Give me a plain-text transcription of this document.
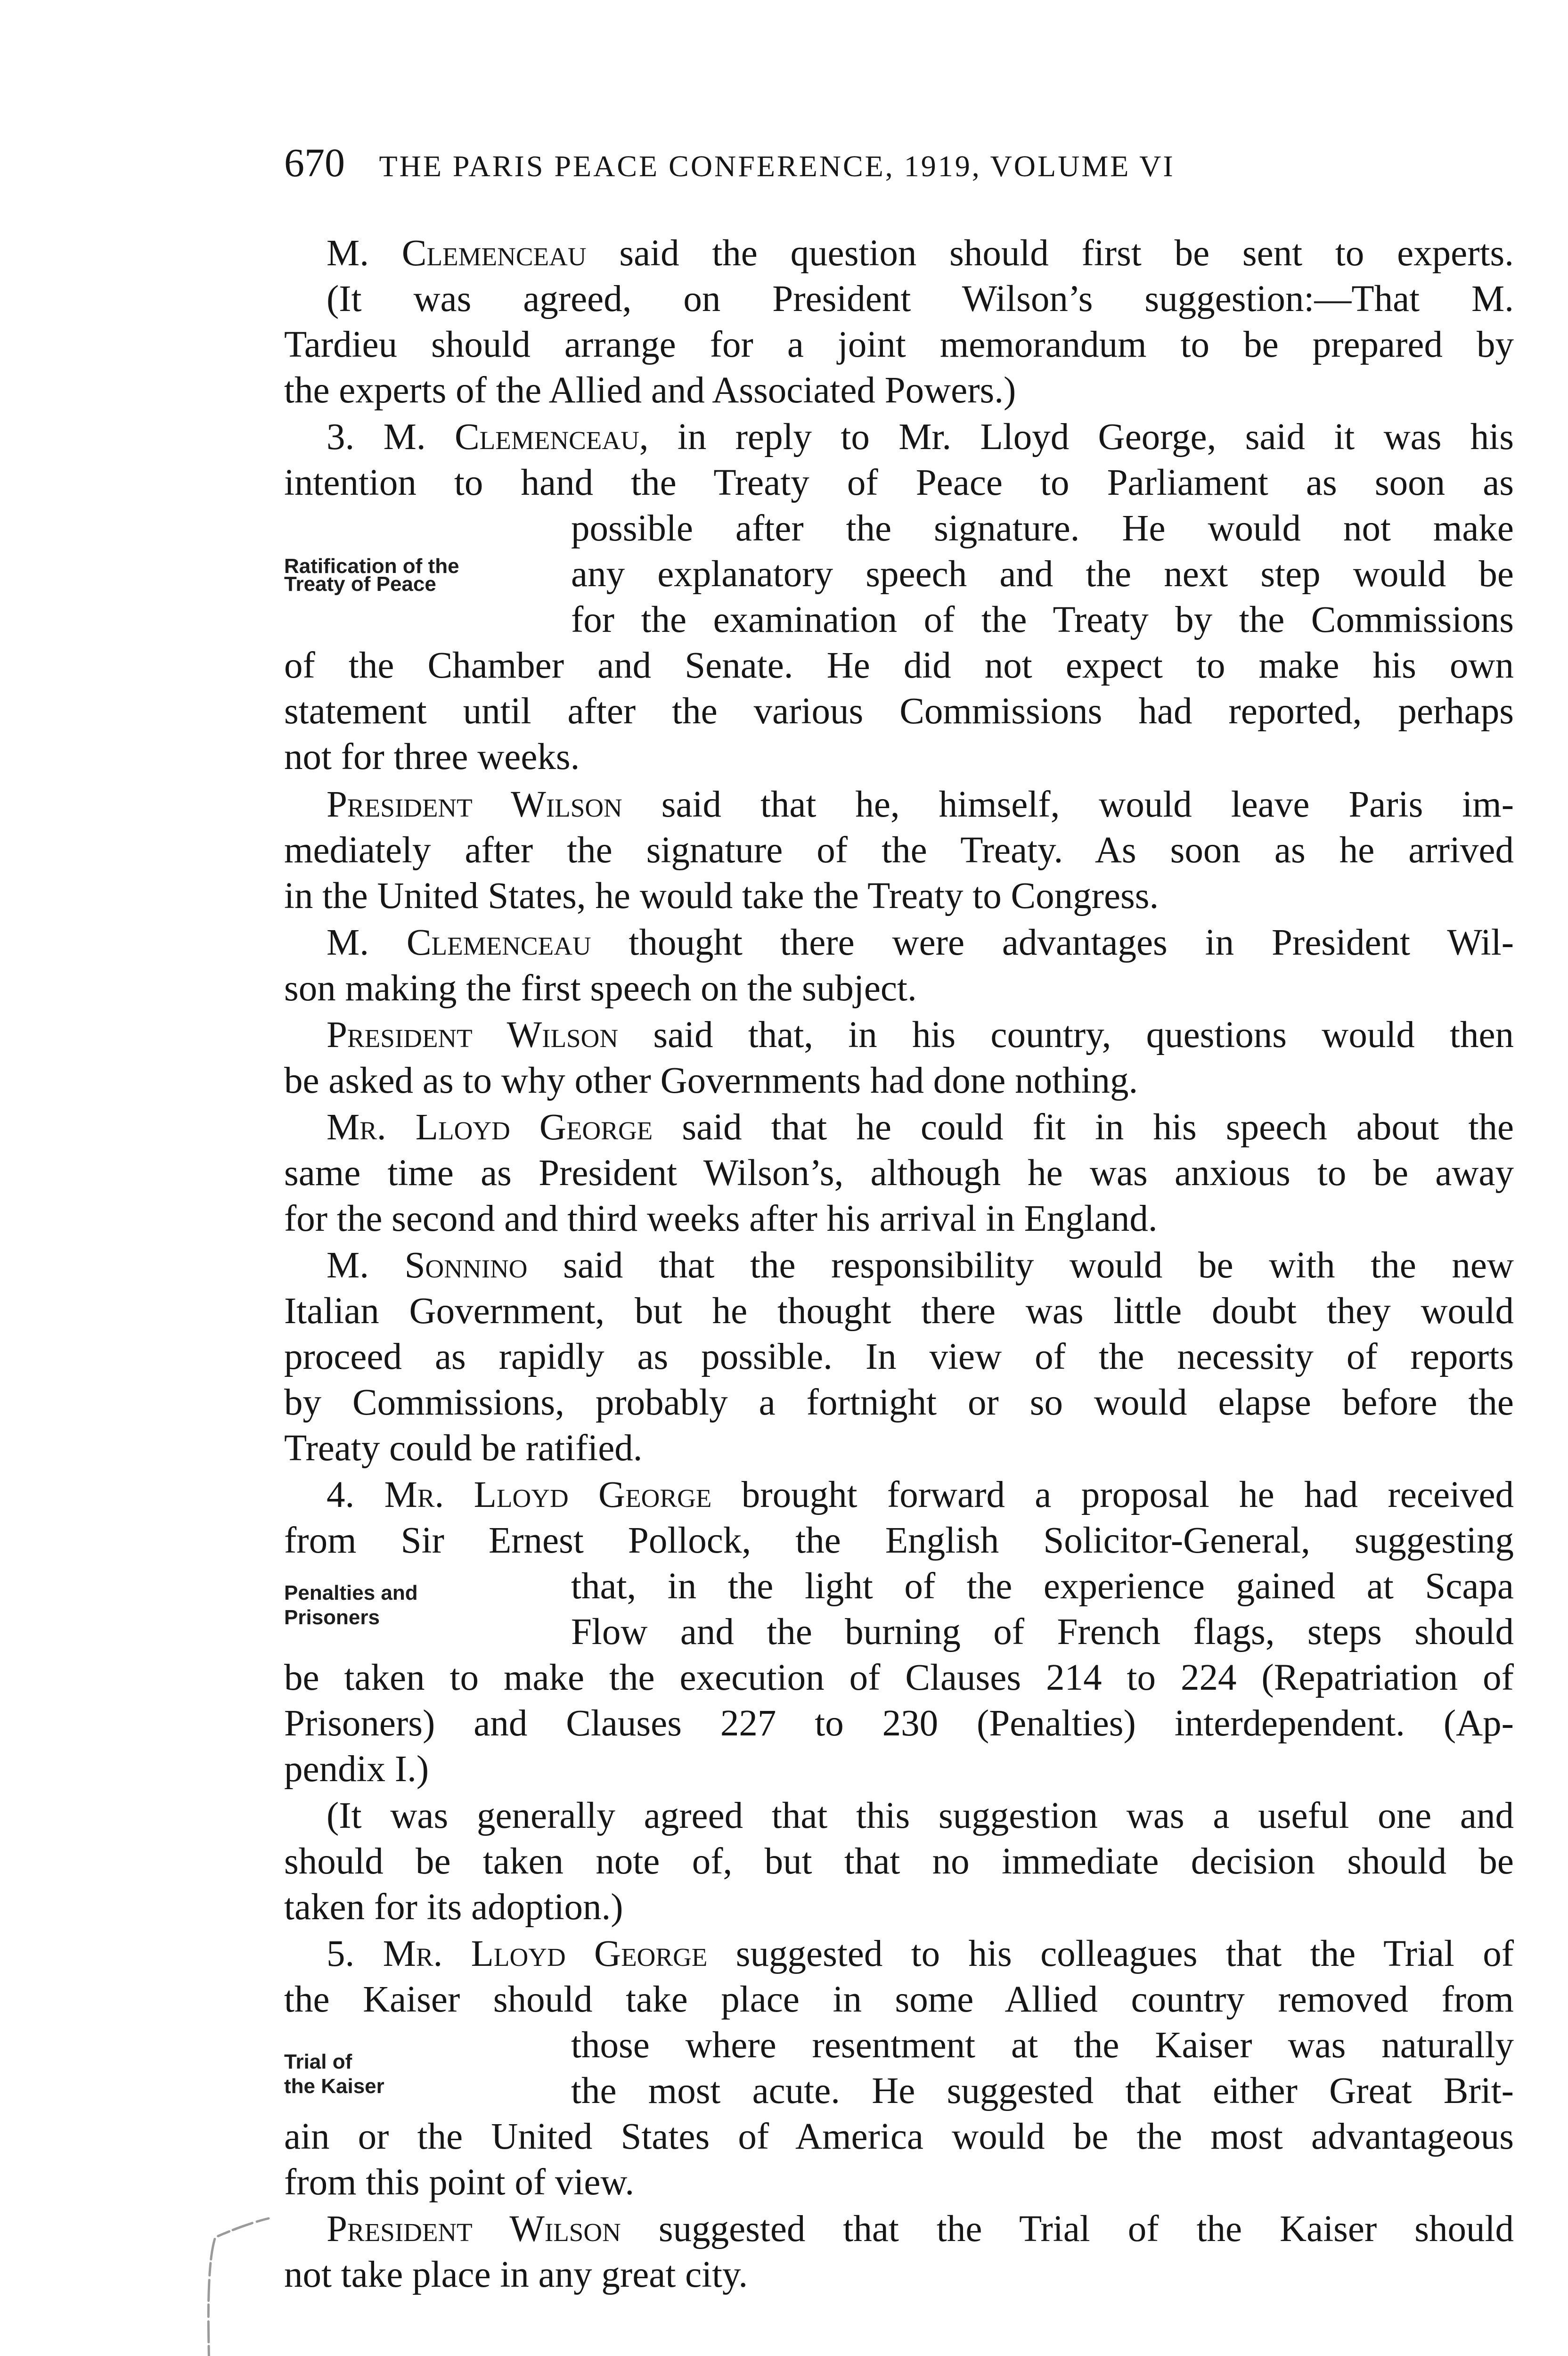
670 THE PARIS PEACE CONFERENCE, 1919, VOLUME VI
M. Clemenceau said the question should first be sent to experts.
(It was agreed, on President Wilson’s suggestion:—That M.
Tardieu should arrange for a joint memorandum to be prepared by
the experts of the Allied and Associated Powers.)
3. M. Clemenceau, in reply to Mr. Lloyd George, said it was his
intention to hand the Treaty of Peace to Parliament as soon as
possible after the signature. He would not make
any explanatory speech and the next step would be
for the examination of the Treaty by the Commissions
of the Chamber and Senate. He did not expect to make his own
statement until after the various Commissions had reported, perhaps
not for three weeks.
President Wilson said that he, himself, would leave Paris im-
mediately after the signature of the Treaty. As soon as he arrived
in the United States, he would take the Treaty to Congress.
M. Clemenceau thought there were advantages in President Wil-
son making the first speech on the subject.
President Wilson said that, in his country, questions would then
be asked as to why other Governments had done nothing.
Mr. Lloyd George said that he could fit in his speech about the
same time as President Wilson’s, although he was anxious to be away
for the second and third weeks after his arrival in England.
M. Sonnino said that the responsibility would be with the new
Italian Government, but he thought there was little doubt they would
proceed as rapidly as possible. In view of the necessity of reports
by Commissions, probably a fortnight or so would elapse before the
Treaty could be ratified.
4. Mr. Lloyd George brought forward a proposal he had received
from Sir Ernest Pollock, the English Solicitor-General, suggesting
that, in the light of the experience gained at Scapa
Flow and the burning of French flags, steps should
be taken to make the execution of Clauses 214 to 224 (Repatriation of
Prisoners) and Clauses 227 to 230 (Penalties) interdependent. (Ap-
pendix I.)
(It was generally agreed that this suggestion was a useful one and
should be taken note of, but that no immediate decision should be
taken for its adoption.)
5. Mr. Lloyd George suggested to his colleagues that the Trial of
the Kaiser should take place in some Allied country removed from
those where resentment at the Kaiser was naturally
the most acute. He suggested that either Great Brit-
ain or the United States of America would be the most advantageous
from this point of view.
President Wilson suggested that the Trial of the Kaiser should
not take place in any great city.
Ratification of the
Treaty of Peace
Penalties and
Prisoners
Trial of
the Kaiser
